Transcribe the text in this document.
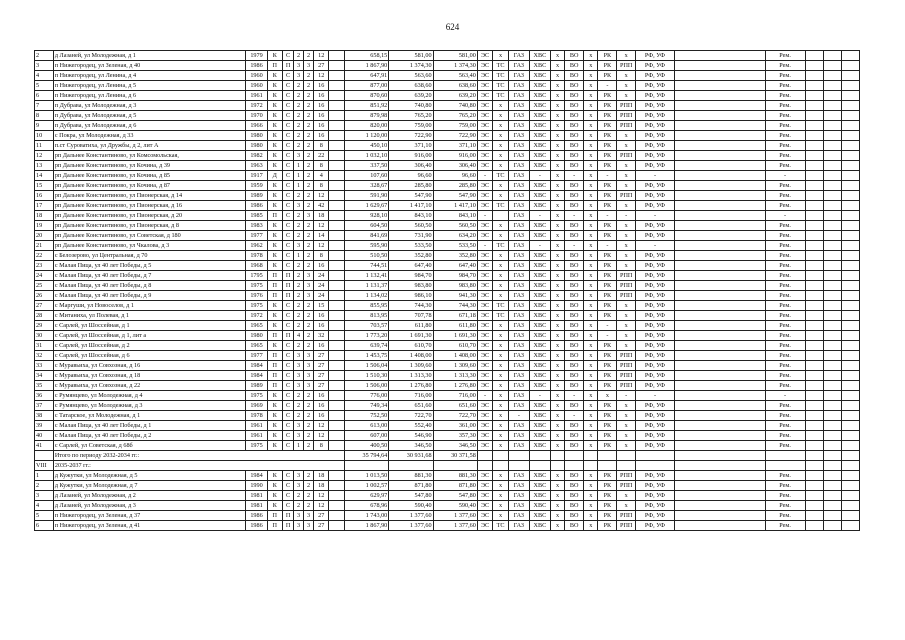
624
2	д Лазаней, ул Молодежная, д 1	1979	К	С	2	2	12		658,15	581,00	581,00	ЭС	х	ГАЗ	ХВС	х	ВО	х	РК	х	РФ, УФ		Рем.			
3	п Нижегородец, ул Зеленая, д 40	1986	П	П	3	3	27		1 867,90	1 374,30	1 374,30	ЭС	ТС	ГАЗ	ХВС	х	ВО	х	РК	РПП	РФ, УФ		Рем.			
4	п Нижегородец, ул Ленина, д 4	1960	К	С	3	2	12		647,91	563,60	563,40	ЭС	ТС	ГАЗ	ХВС	х	ВО	х	РК	х	РФ, УФ		Рем.			
5	п Нижегородец, ул Ленина, д 5	1960	К	С	2	2	16		877,00	638,60	638,60	ЭС	ТС	ГАЗ	ХВС	х	ВО	х	-	х	РФ, УФ		Рем.			
6	п Нижегородец, ул Ленина, д 6	1961	К	С	2	2	16		870,60	639,20	639,20	ЭС	ТС	ГАЗ	ХВС	х	ВО	х	РК	х	РФ, УФ		Рем.			
7	п Дубрава, ул Молодежная, д 3	1972	К	С	2	2	16		851,92	740,80	740,80	ЭС	х	ГАЗ	ХВС	х	ВО	х	РК	РПП	РФ, УФ		Рем.			
8	п Дубрава, ул Молодежная, д 5	1970	К	С	2	2	16		879,98	765,20	765,20	ЭС	х	ГАЗ	ХВС	х	ВО	х	РК	РПП	РФ, УФ		Рем.			
9	п Дубрава, ул Молодежная, д 6	1966	К	С	2	2	16		820,00	759,00	759,00	ЭС	х	ГАЗ	ХВС	х	ВО	х	РК	РПП	РФ, УФ		Рем.			
10	с Покра, ул Молодежная, д 33	1980	К	С	2	2	16		1 120,00	722,90	722,90	ЭС	х	ГАЗ	ХВС	х	ВО	х	РК	х	РФ, УФ		Рем.			
11	п.ст Суроватиха, ул Дружбы, д 2, лит А	1980	К	С	2	2	8		450,10	371,10	371,10	ЭС	х	ГАЗ	ХВС	х	ВО	х	РК	х	РФ, УФ		Рем.			
12	рп Дальнее Константиново, ул Комсомольская,	1982	К	С	3	2	22		1 032,10	916,00	916,00	ЭС	х	ГАЗ	ХВС	х	ВО	х	РК	РПП	РФ, УФ		Рем.			
13	рп Дальнее Константиново, ул Кочина, д 39	1963	К	С	1	2	8		337,50	306,40	306,40	ЭС	х	ГАЗ	ХВС	х	ВО	х	РК	х	РФ, УФ		Рем.			
14	рп Дальнее Константиново, ул Кочина, д 85	1917	Д	С	1	2	4		107,60	96,60	96,60	-	ТС	ГАЗ	-	х	-	х	-	х	-		-			
15	рп Дальнее Константиново, ул Кочина, д 87	1959	К	С	1	2	8		328,67	285,80	285,80	ЭС	х	ГАЗ	ХВС	х	ВО	х	РК	х	РФ, УФ		Рем.			
16	рп Дальнее Константиново, ул Пионерская, д 14	1989	К	С	2	2	12		591,90	547,90	547,90	ЭС	х	ГАЗ	ХВС	х	ВО	х	РК	РПП	РФ, УФ		Рем.			
17	рп Дальнее Константиново, ул Пионерская, д 16	1986	К	С	3	2	42		1 629,67	1 417,10	1 417,10	ЭС	ТС	ГАЗ	ХВС	х	ВО	х	РК	х	РФ, УФ		Рем.			
18	рп Дальнее Константиново, ул Пионерская, д 20	1985	П	С	2	3	18		928,10	843,10	843,10	-		ГАЗ	-	х	-	х	-	-	-		-			
19	рп Дальнее Константиново, ул Пионерская, д 8	1983	К	С	2	2	12		604,50	560,50	560,50	ЭС	х	ГАЗ	ХВС	х	ВО	х	РК	х	РФ, УФ		Рем.			
20	рп Дальнее Константиново, ул Советская, д 180	1977	К	С	2	2	14		841,69	731,90	634,20	ЭС	х	ГАЗ	ХВС	х	ВО	х	РК	х	РФ, УФ		Рем.			
21	рп Дальнее Константиново, ул Чкалова, д 3	1962	К	С	3	2	12		595,90	533,50	533,50	-	ТС	ГАЗ	-	х	-	х	-	х	-		Рем.			
22	с Белозерово, ул Центральная, д 70	1978	К	С	1	2	8		510,50	352,80	352,80	ЭС	х	ГАЗ	ХВС	х	ВО	х	РК	х	РФ, УФ		Рем.			
23	с Малая Пица, ул 40 лет Победы, д 5	1968	К	С	2	2	16		744,51	647,40	647,40	ЭС	х	ГАЗ	ХВС	х	ВО	х	РК	х	РФ, УФ		Рем.			
24	с Малая Пица, ул 40 лет Победы, д 7	1795	П	П	2	3	24		1 132,41	984,70	984,70	ЭС	х	ГАЗ	ХВС	х	ВО	х	РК	РПП	РФ, УФ		Рем.			
25	с Малая Пица, ул 40 лет Победы, д 8	1975	П	П	2	3	24		1 131,37	983,80	983,80	ЭС	х	ГАЗ	ХВС	х	ВО	х	РК	РПП	РФ, УФ		Рем.			
26	с Малая Пица, ул 40 лет Победы, д 9	1976	П	П	2	3	24		1 134,02	986,10	941,30	ЭС	х	ГАЗ	ХВС	х	ВО	х	РК	РПП	РФ, УФ		Рем.			
27	с Маргуши, ул Новоселов, д 1	1975	К	С	2	2	15		855,95	744,30	744,30	ЭС	ТС	ГАЗ	ХВС	х	ВО	х	РК	х	РФ, УФ		Рем.			
28	с Митаниха, ул Полевая, д 1	1972	К	С	2	2	16		813,95	707,78	671,18	ЭС	ТС	ГАЗ	ХВС	х	ВО	х	РК	х	РФ, УФ		Рем.			
29	с Сарлей, ул Шоссейная, д 1	1965	К	С	2	2	16		703,57	611,80	611,80	ЭС	х	ГАЗ	ХВС	х	ВО	х	-	х	РФ, УФ		Рем.			
30	с Сарлей, ул Шоссейная, д 1, лит а	1980	П	П	4	2	32		1 773,20	1 691,30	1 691,30	ЭС	х	ГАЗ	ХВС	х	ВО	х	-	х	РФ, УФ		Рем.			
31	с Сарлей, ул Шоссейная, д 2	1965	К	С	2	2	16		639,74	610,70	610,70	ЭС	х	ГАЗ	ХВС	х	ВО	х	РК	х	РФ, УФ		Рем.			
32	с Сарлей, ул Шоссейная, д 6	1977	П	С	3	3	27		1 453,75	1 408,00	1 408,00	ЭС	х	ГАЗ	ХВС	х	ВО	х	РК	РПП	РФ, УФ		Рем.			
33	с Муравьиха, ул Совхозная, д 16	1984	П	С	3	3	27		1 506,04	1 309,60	1 309,60	ЭС	х	ГАЗ	ХВС	х	ВО	х	РК	РПП	РФ, УФ		Рем.			
34	с Муравьиха, ул Совхозная, д 18	1984	П	С	3	3	27		1 510,30	1 313,30	1 313,30	ЭС	х	ГАЗ	ХВС	х	ВО	х	РК	РПП	РФ, УФ		Рем.			
35	с Муравьиха, ул Совхозная, д 22	1989	П	С	3	3	27		1 506,00	1 276,80	1 276,80	ЭС	х	ГАЗ	ХВС	х	ВО	х	РК	РПП	РФ, УФ		Рем.			
36	с Румянцево, ул Молодежная, д 4	1975	К	С	2	2	16		776,00	716,00	716,00	-	х	ГАЗ	-	х	-	х	х	-	-		-			
37	с Румянцево, ул Молодежная, д 3	1969	К	С	2	2	16		749,34	651,60	651,60	ЭС	х	ГАЗ	ХВС	х	ВО	х	РК	х	РФ, УФ		Рем.			
38	с Татарское, ул Молодежная, д 1	1978	К	С	2	2	16		752,50	722,70	722,70	ЭС	х	-	ХВС	х	-	х	РК	х	РФ, УФ		Рем.			
39	с Малая Пица, ул 40 лет Победы, д 1	1961	К	С	3	2	12		613,00	552,40	361,00	ЭС	х	ГАЗ	ХВС	х	ВО	х	РК	х	РФ, УФ		Рем.			
40	с Малая Пица, ул 40 лет Победы, д 2	1961	К	С	3	2	12		607,00	546,90	357,30	ЭС	х	ГАЗ	ХВС	х	ВО	х	РК	х	РФ, УФ		Рем.			
41	с Сарлей, ул Советская, д 68б	1975	К	С	1	2	8		400,50	346,50	346,50	ЭС	х	ГАЗ	ХВС	х	ВО	х	РК	х	РФ, УФ		Рем.			
	Итого по периоду 2032-2034 гг.:								35 794,64	30 931,68	30 371,58															
VIII	2035-2037 гг.:																									
1	д Кужутки, ул Молодежная, д 5	1984	К	С	3	2	18		1 013,50	881,30	881,30	ЭС	х	ГАЗ	ХВС	х	ВО	х	РК	РПП	РФ, УФ		Рем.			
2	д Кужутки, ул Молодежная, д 7	1990	К	С	3	2	18		1 002,57	871,80	871,80	ЭС	х	ГАЗ	ХВС	х	ВО	х	РК	РПП	РФ, УФ		Рем.			
3	д Лазаней, ул Молодежная, д 2	1981	К	С	2	2	12		629,97	547,80	547,80	ЭС	х	ГАЗ	ХВС	х	ВО	х	РК	х	РФ, УФ		Рем.			
4	д Лазаней, ул Молодежная, д 3	1981	К	С	2	2	12		678,96	590,40	590,40	ЭС	х	ГАЗ	ХВС	х	ВО	х	РК	х	РФ, УФ		Рем.			
5	п Нижегородец, ул Зеленая, д 37	1986	П	П	3	3	27		1 743,00	1 377,60	1 377,60	ЭС	х	ГАЗ	ХВС	х	ВО	х	РК	РПП	РФ, УФ		Рем.			
6	п Нижегородец, ул Зеленая, д 41	1986	П	П	3	3	27		1 867,90	1 377,60	1 377,60	ЭС	ТС	ГАЗ	ХВС	х	ВО	х	РК	РПП	РФ, УФ		Рем.			
